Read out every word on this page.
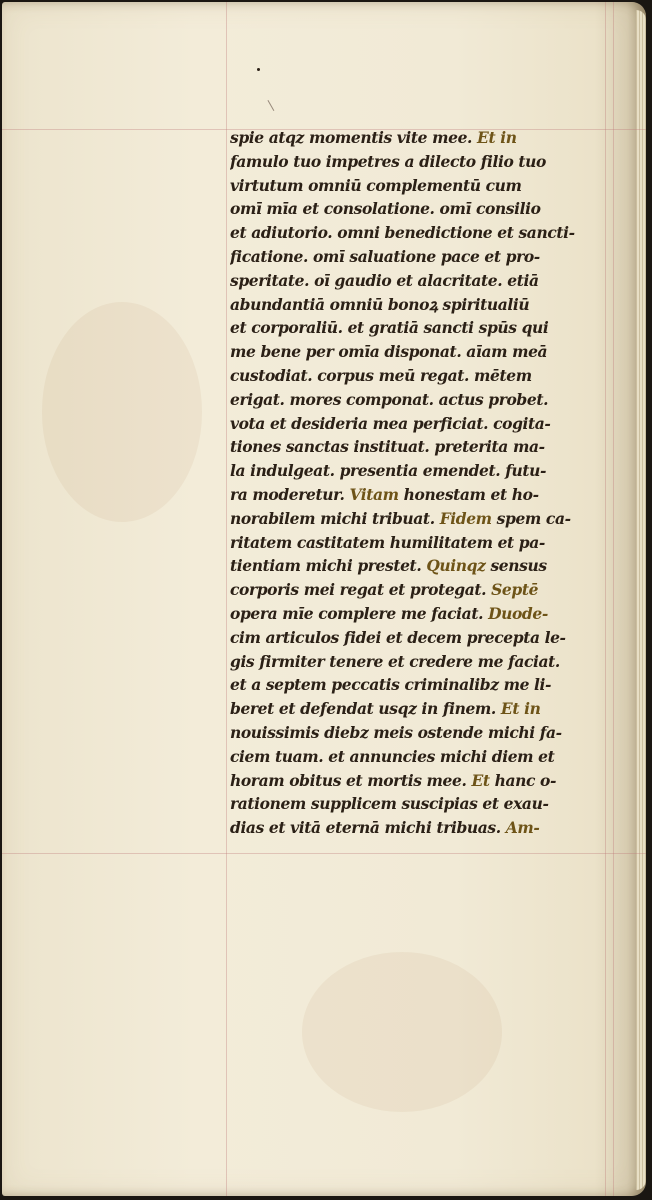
spie atqz momentis vite mee. Et in
famulo tuo impetres a dilecto filio tuo
virtutum omniū complementū cum
omī mīa et consolatione. omī consilio
et adiutorio. omni benedictione et sancti-
ficatione. omī saluatione pace et pro-
speritate. oī gaudio et alacritate. etiā
abundantiā omniū bonoꝝ spiritualiū
et corporaliū. et gratiā sancti spūs qui
me bene per omīa disponat. aīam meā
custodiat. corpus meū regat. mētem
erigat. mores componat. actus probet.
vota et desideria mea perficiat. cogita-
tiones sanctas instituat. preterita ma-
la indulgeat. presentia emendet. futu-
ra moderetur. Vitam honestam et ho-
norabilem michi tribuat. Fidem spem ca-
ritatem castitatem humilitatem et pa-
tientiam michi prestet. Quinqz sensus
corporis mei regat et protegat. Septē
opera mīe complere me faciat. Duode-
cim articulos fidei et decem precepta le-
gis firmiter tenere et credere me faciat.
et a septem peccatis criminalibz me li-
beret et defendat usqz in finem. Et in
nouissimis diebz meis ostende michi fa-
ciem tuam. et annuncies michi diem et
horam obitus et mortis mee. Et hanc o-
rationem supplicem suscipias et exau-
dias et vitā eternā michi tribuas. Am-
